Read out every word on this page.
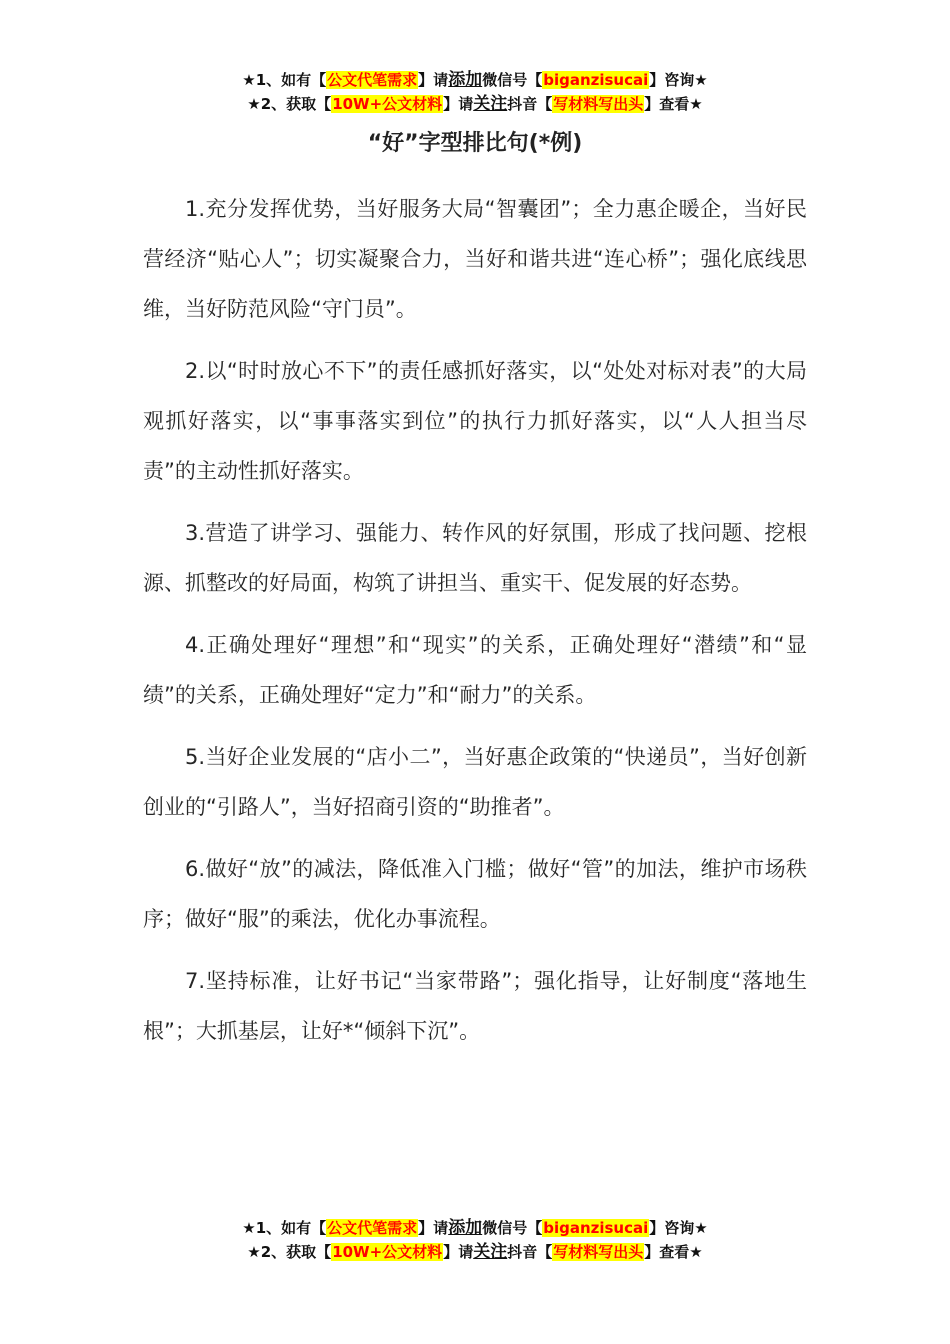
★1、如有【公文代笔需求】请添加微信号【biganzisucai】咨询★
★2、获取【10W+公文材料】请关注抖音【写材料写出头】查看★
“好”字型排比句(*例)

1.充分发挥优势，当好服务大局“智囊团”；全力惠企暖企，当好民营经济“贴心人”；切实凝聚合力，当好和谐共进“连心桥”；强化底线思维，当好防范风险“守门员”。

2.以“时时放心不下”的责任感抓好落实，以“处处对标对表”的大局观抓好落实，以“事事落实到位”的执行力抓好落实，以“人人担当尽责”的主动性抓好落实。

3.营造了讲学习、强能力、转作风的好氛围，形成了找问题、挖根源、抓整改的好局面，构筑了讲担当、重实干、促发展的好态势。

4.正确处理好“理想”和“现实”的关系，正确处理好“潜绩”和“显绩”的关系，正确处理好“定力”和“耐力”的关系。

5.当好企业发展的“店小二”，当好惠企政策的“快递员”，当好创新创业的“引路人”，当好招商引资的“助推者”。

6.做好“放”的减法，降低准入门槛；做好“管”的加法，维护市场秩序；做好“服”的乘法，优化办事流程。

7.坚持标准，让好书记“当家带路”；强化指导，让好制度“落地生根”；大抓基层，让好*“倾斜下沉”。

★1、如有【公文代笔需求】请添加微信号【biganzisucai】咨询★
★2、获取【10W+公文材料】请关注抖音【写材料写出头】查看★
